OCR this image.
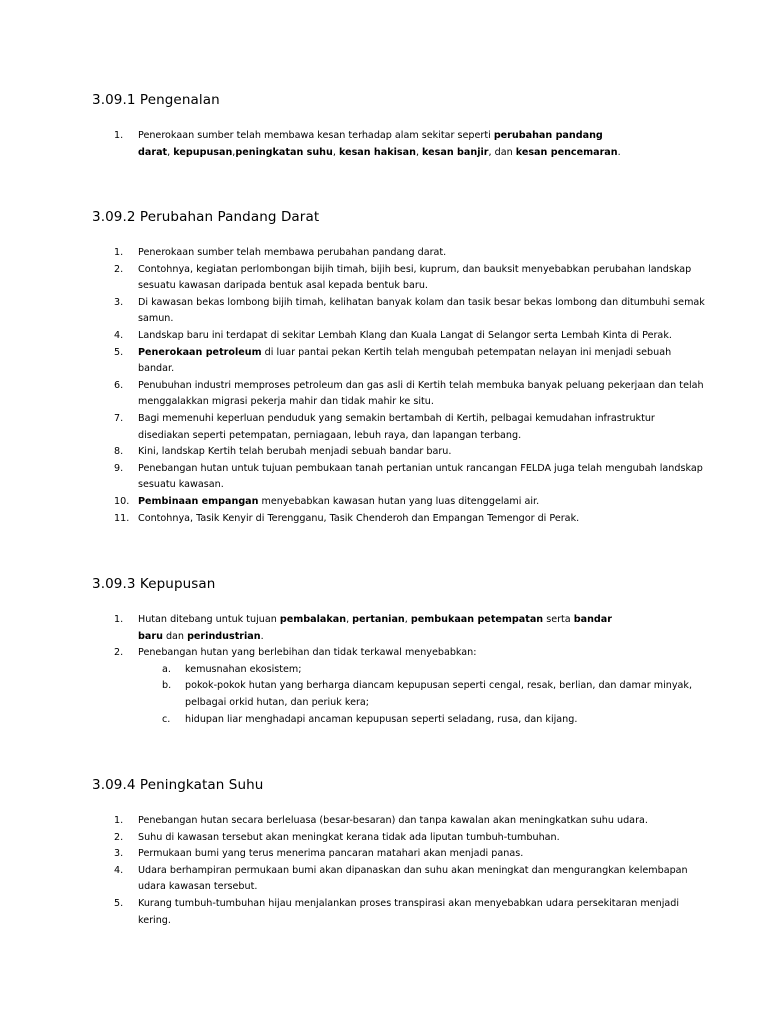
3.09.1 Pengenalan
1.	Penerokaan sumber telah membawa kesan terhadap alam sekitar seperti perubahan pandang
darat, kepupusan,peningkatan suhu, kesan hakisan, kesan banjir, dan kesan pencemaran.
3.09.2 Perubahan Pandang Darat
1.	Penerokaan sumber telah membawa perubahan pandang darat.
2.	Contohnya, kegiatan perlombongan bijih timah, bijih besi, kuprum, dan bauksit menyebabkan perubahan landskap
sesuatu kawasan daripada bentuk asal kepada bentuk baru.
3.	Di kawasan bekas lombong bijih timah, kelihatan banyak kolam dan tasik besar bekas lombong dan ditumbuhi semak
samun.
4.	Landskap baru ini terdapat di sekitar Lembah Klang dan Kuala Langat di Selangor serta Lembah Kinta di Perak.
5.	Penerokaan petroleum di luar pantai pekan Kertih telah mengubah petempatan nelayan ini menjadi sebuah
bandar.
6.	Penubuhan industri memproses petroleum dan gas asli di Kertih telah membuka banyak peluang pekerjaan dan telah
menggalakkan migrasi pekerja mahir dan tidak mahir ke situ.
7.	Bagi memenuhi keperluan penduduk yang semakin bertambah di Kertih, pelbagai kemudahan infrastruktur
disediakan seperti petempatan, perniagaan, lebuh raya, dan lapangan terbang.
8.	Kini, landskap Kertih telah berubah menjadi sebuah bandar baru.
9.	Penebangan hutan untuk tujuan pembukaan tanah pertanian untuk rancangan FELDA juga telah mengubah landskap
sesuatu kawasan.
10. Pembinaan empangan menyebabkan kawasan hutan yang luas ditenggelami air.
11. Contohnya, Tasik Kenyir di Terengganu, Tasik Chenderoh dan Empangan Temengor di Perak.
3.09.3 Kepupusan
1.	Hutan ditebang untuk tujuan pembalakan, pertanian, pembukaan petempatan serta bandar
baru dan perindustrian.
2.	Penebangan hutan yang berlebihan dan tidak terkawal menyebabkan:
a.	kemusnahan ekosistem;
b.	pokok-pokok hutan yang berharga diancam kepupusan seperti cengal, resak, berlian, dan damar minyak,
pelbagai orkid hutan, dan periuk kera;
c.	hidupan liar menghadapi ancaman kepupusan seperti seladang, rusa, dan kijang.
3.09.4 Peningkatan Suhu
1.	Penebangan hutan secara berleluasa (besar-besaran) dan tanpa kawalan akan meningkatkan suhu udara.
2.	Suhu di kawasan tersebut akan meningkat kerana tidak ada liputan tumbuh-tumbuhan.
3.	Permukaan bumi yang terus menerima pancaran matahari akan menjadi panas.
4.	Udara berhampiran permukaan bumi akan dipanaskan dan suhu akan meningkat dan mengurangkan kelembapan
udara kawasan tersebut.
5.	Kurang tumbuh-tumbuhan hijau menjalankan proses transpirasi akan menyebabkan udara persekitaran menjadi
kering.
